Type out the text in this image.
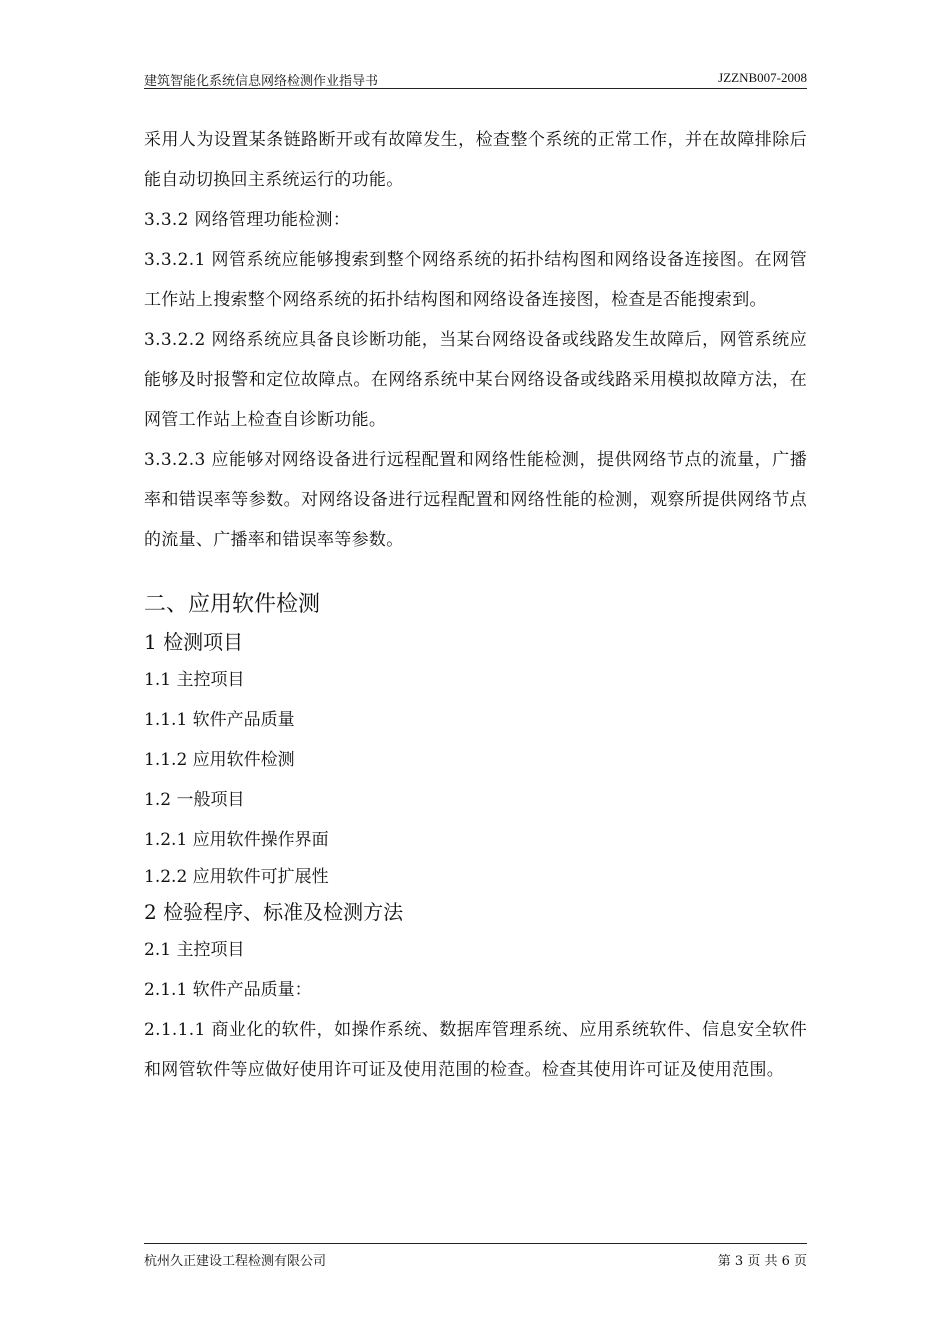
建筑智能化系统信息网络检测作业指导书	JZZNB007-2008

采用人为设置某条链路断开或有故障发生，检查整个系统的正常工作，并在故障排除后能自动切换回主系统运行的功能。

3.3.2 网络管理功能检测：

3.3.2.1 网管系统应能够搜索到整个网络系统的拓扑结构图和网络设备连接图。在网管工作站上搜索整个网络系统的拓扑结构图和网络设备连接图，检查是否能搜索到。

3.3.2.2 网络系统应具备良诊断功能，当某台网络设备或线路发生故障后，网管系统应能够及时报警和定位故障点。在网络系统中某台网络设备或线路采用模拟故障方法，在网管工作站上检查自诊断功能。

3.3.2.3 应能够对网络设备进行远程配置和网络性能检测，提供网络节点的流量，广播率和错误率等参数。对网络设备进行远程配置和网络性能的检测，观察所提供网络节点的流量、广播率和错误率等参数。

二、应用软件检测

1 检测项目

1.1 主控项目

1.1.1 软件产品质量

1.1.2 应用软件检测

1.2 一般项目

1.2.1 应用软件操作界面

1.2.2 应用软件可扩展性

2 检验程序、标准及检测方法

2.1 主控项目

2.1.1 软件产品质量：

2.1.1.1 商业化的软件，如操作系统、数据库管理系统、应用系统软件、信息安全软件和网管软件等应做好使用许可证及使用范围的检查。检查其使用许可证及使用范围。

杭州久正建设工程检测有限公司	第 3 页 共 6 页
